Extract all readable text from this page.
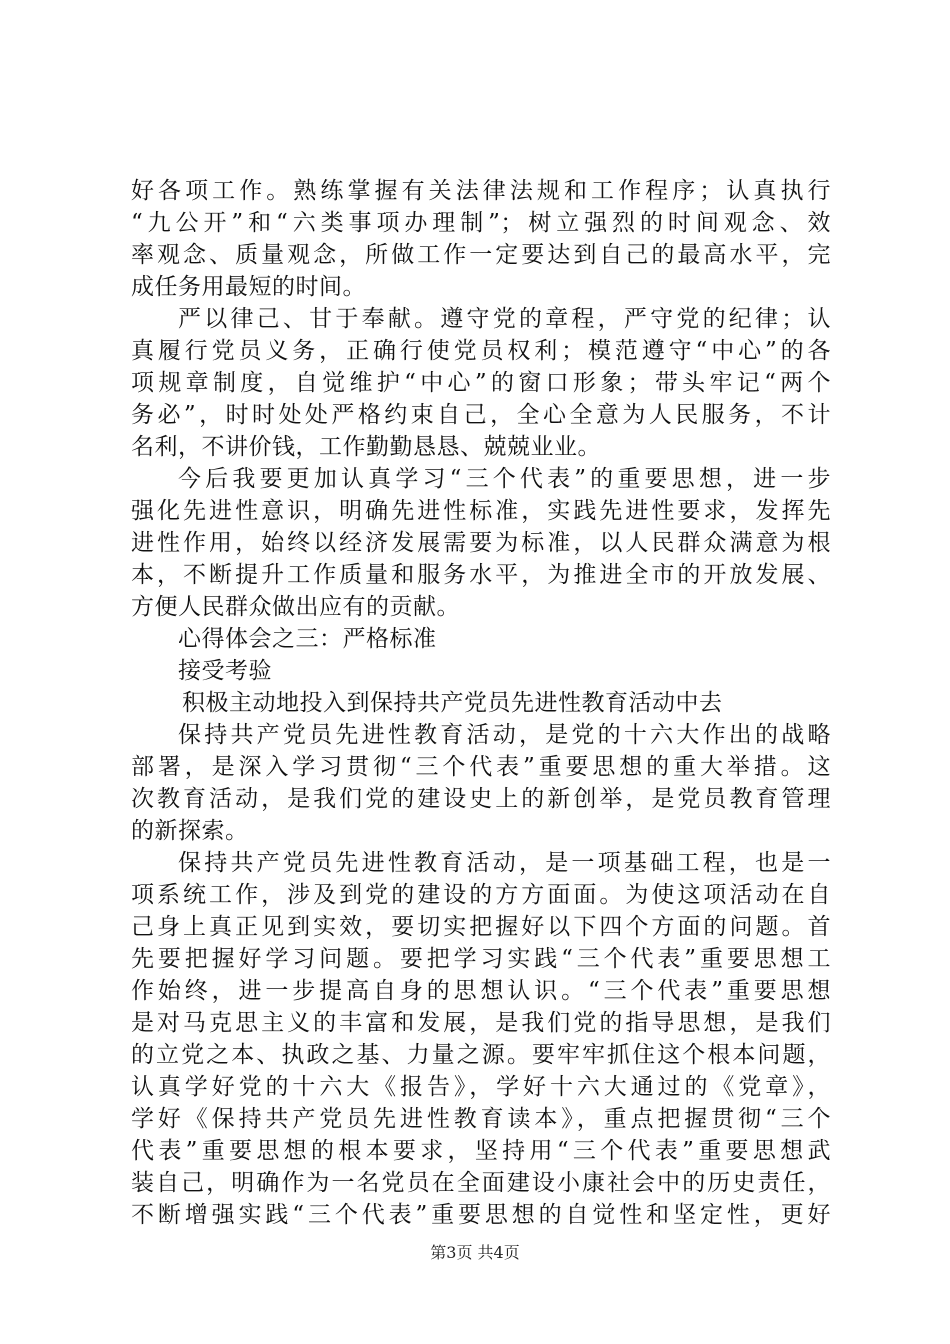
好各项工作。熟练掌握有关法律法规和工作程序；认真执行
“九公开”和“六类事项办理制”；树立强烈的时间观念、效
率观念、质量观念，所做工作一定要达到自己的最高水平，完
成任务用最短的时间。
严以律己、甘于奉献。遵守党的章程，严守党的纪律；认
真履行党员义务，正确行使党员权利；模范遵守“中心”的各
项规章制度，自觉维护“中心”的窗口形象；带头牢记“两个
务必”，时时处处严格约束自己，全心全意为人民服务，不计
名利，不讲价钱，工作勤勤恳恳、兢兢业业。
今后我要更加认真学习“三个代表”的重要思想，进一步
强化先进性意识，明确先进性标准，实践先进性要求，发挥先
进性作用，始终以经济发展需要为标准，以人民群众满意为根
本，不断提升工作质量和服务水平，为推进全市的开放发展、
方便人民群众做出应有的贡献。
心得体会之三：严格标准
接受考验
积极主动地投入到保持共产党员先进性教育活动中去
保持共产党员先进性教育活动，是党的十六大作出的战略
部署，是深入学习贯彻“三个代表”重要思想的重大举措。这
次教育活动，是我们党的建设史上的新创举，是党员教育管理
的新探索。
保持共产党员先进性教育活动，是一项基础工程，也是一
项系统工作，涉及到党的建设的方方面面。为使这项活动在自
己身上真正见到实效，要切实把握好以下四个方面的问题。首
先要把握好学习问题。要把学习实践“三个代表”重要思想工
作始终，进一步提高自身的思想认识。“三个代表”重要思想
是对马克思主义的丰富和发展，是我们党的指导思想，是我们
的立党之本、执政之基、力量之源。要牢牢抓住这个根本问题，
认真学好党的十六大《报告》，学好十六大通过的《党章》，
学好《保持共产党员先进性教育读本》，重点把握贯彻“三个
代表”重要思想的根本要求，坚持用“三个代表”重要思想武
装自己，明确作为一名党员在全面建设小康社会中的历史责任，
不断增强实践“三个代表”重要思想的自觉性和坚定性，更好
第3页 共4页
